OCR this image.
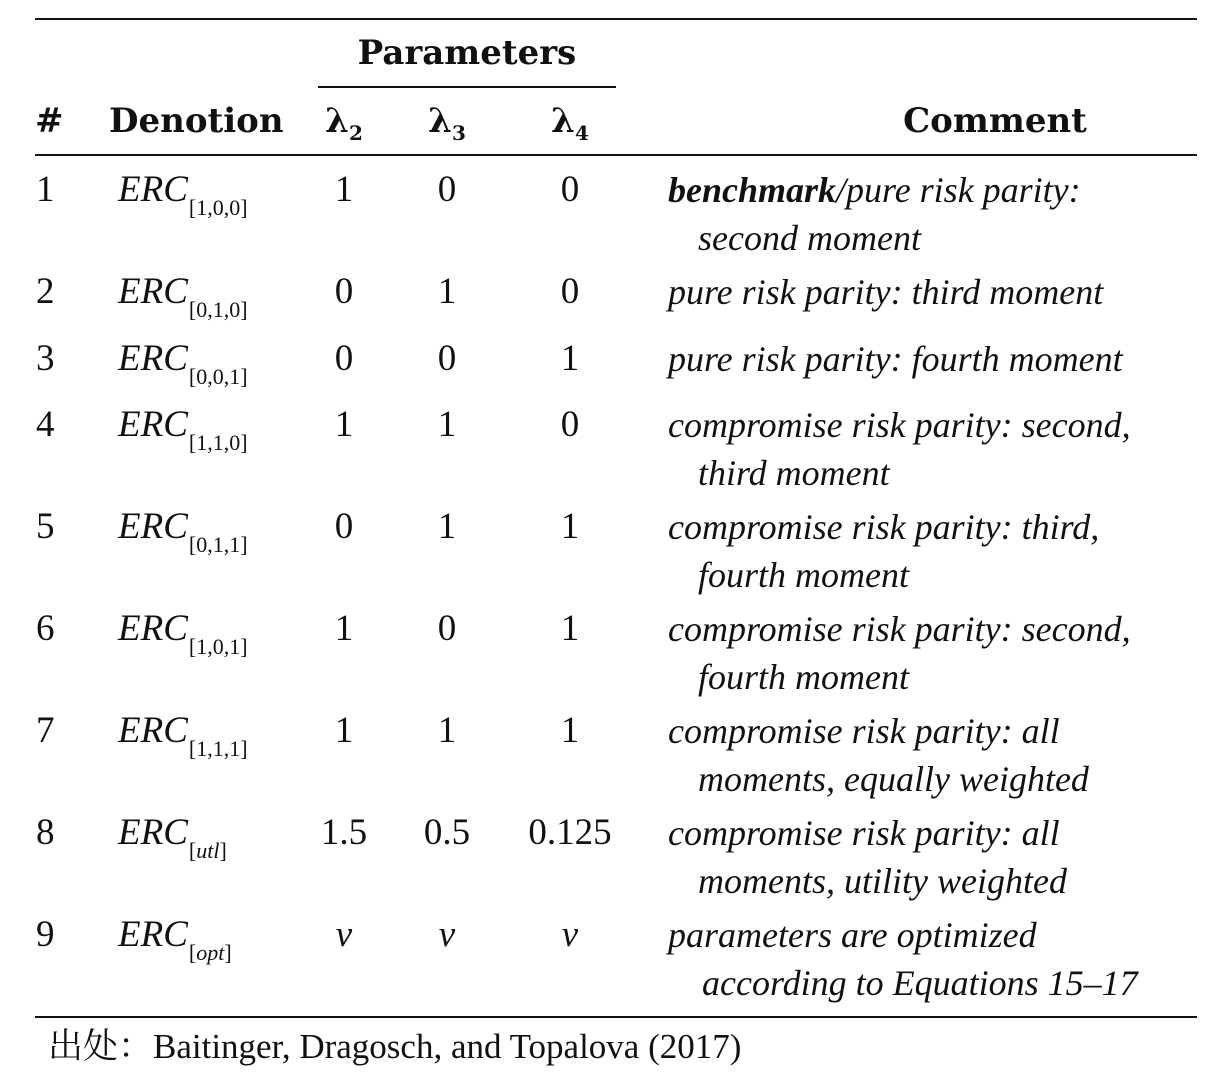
Parameters
# Denotion	$\lambda_2$	$\lambda_3$	$\lambda_4$	Comment
1 $ERC_{[1,0,0]}$	1	0	0	benchmark/pure risk parity:
second moment
2 $ERC_{[0,1,0]}$	0	1	0	pure risk parity: third moment
3 $ERC_{[0,0,1]}$	0	0	1	pure risk parity: fourth moment
4 $ERC_{[1,1,0]}$	1	1	0	compromise risk parity: second,
third moment
5 $ERC_{[0,1,1]}$	0	1	1	compromise risk parity: third,
fourth moment
6 $ERC_{[1,0,1]}$	1	0	1	compromise risk parity: second,
fourth moment
7 $ERC_{[1,1,1]}$	1	1	1	compromise risk parity: all
moments, equally weighted
8 $ERC_{[utl]}$	1.5	0.5	0.125 compromise risk parity: all
moments, utility weighted
9 $ERC_{[opt]}$	v	v	v	parameters are optimized
according to Equations 15–17
出处：Baitinger, Dragosch, and Topalova (2017)
